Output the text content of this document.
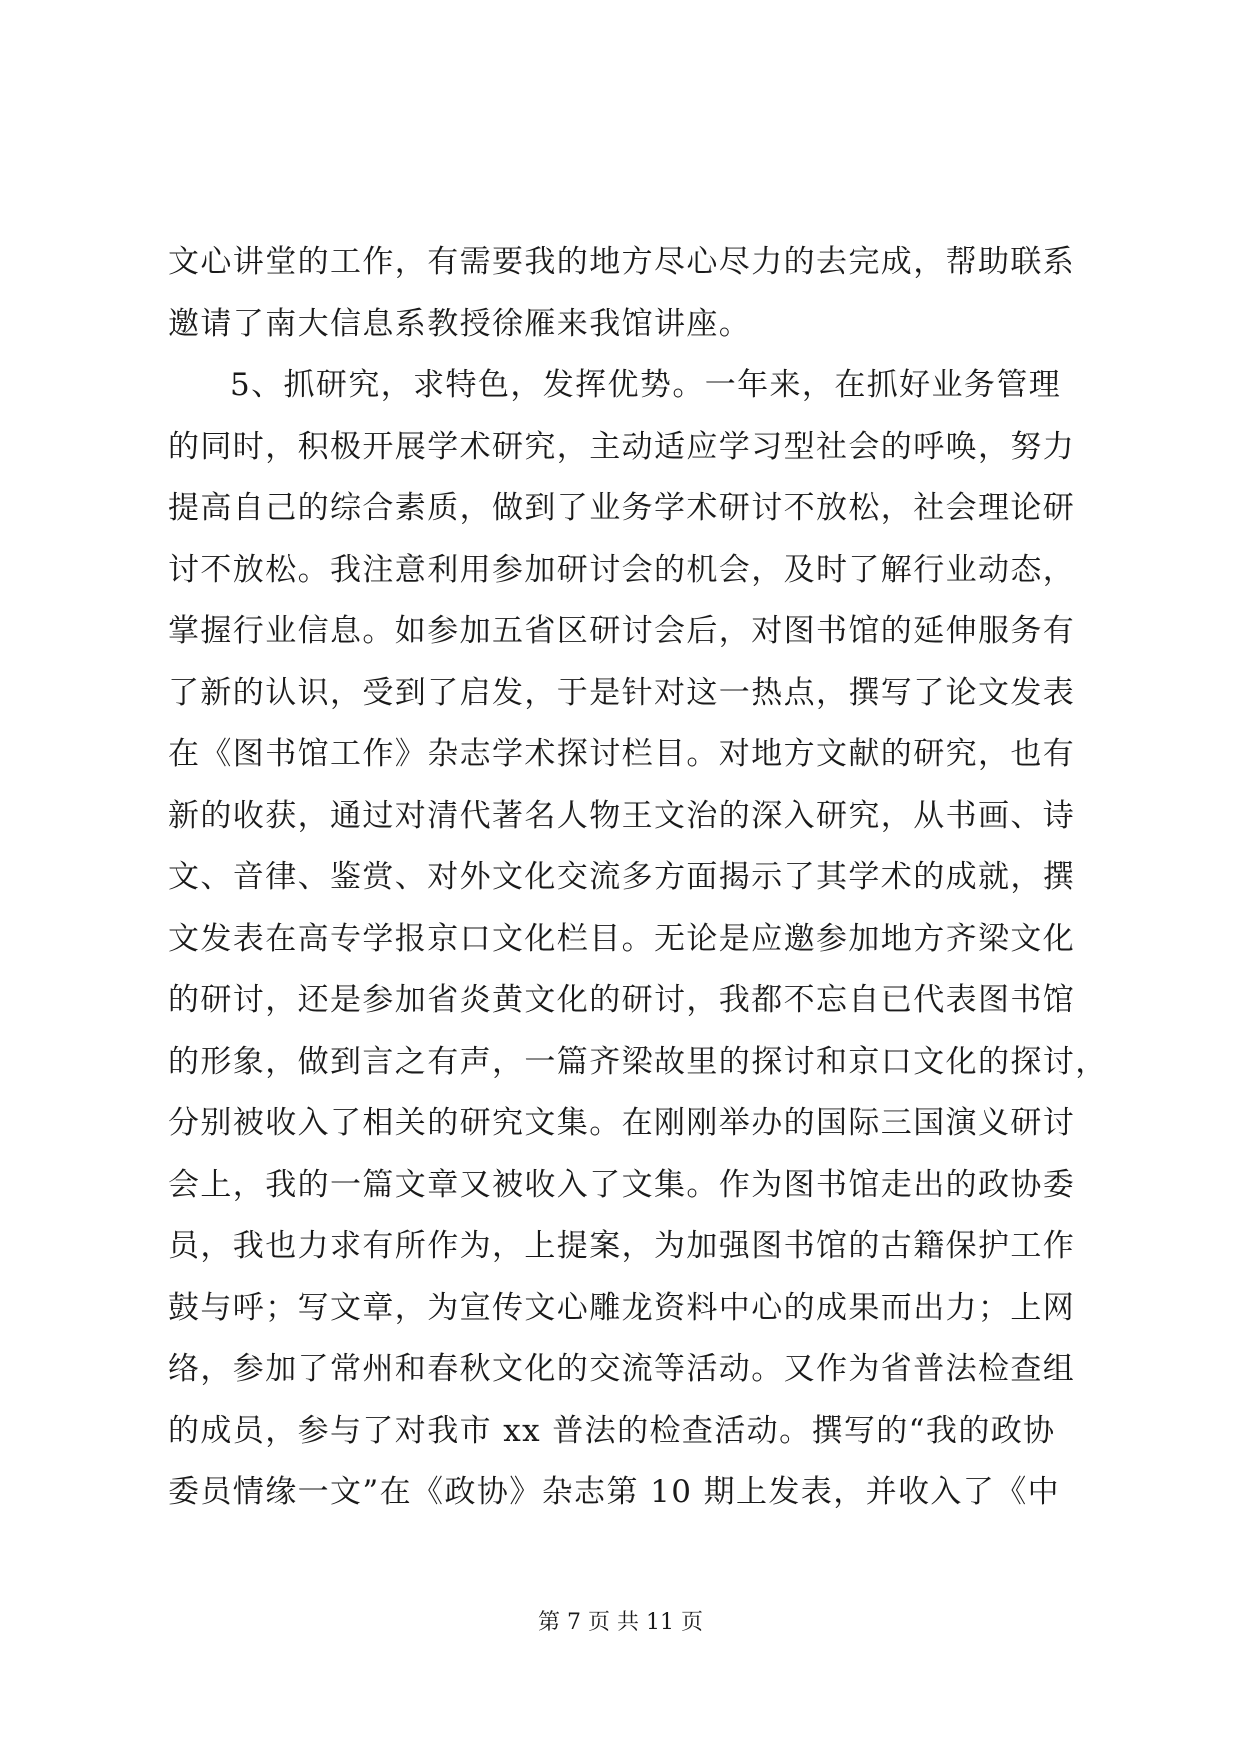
文心讲堂的工作，有需要我的地方尽心尽力的去完成，帮助联系
邀请了南大信息系教授徐雁来我馆讲座。
5、抓研究，求特色，发挥优势。一年来，在抓好业务管理
的同时，积极开展学术研究，主动适应学习型社会的呼唤，努力
提高自己的综合素质，做到了业务学术研讨不放松，社会理论研
讨不放松。我注意利用参加研讨会的机会，及时了解行业动态，
掌握行业信息。如参加五省区研讨会后，对图书馆的延伸服务有
了新的认识，受到了启发，于是针对这一热点，撰写了论文发表
在《图书馆工作》杂志学术探讨栏目。对地方文献的研究，也有
新的收获，通过对清代著名人物王文治的深入研究，从书画、诗
文、音律、鉴赏、对外文化交流多方面揭示了其学术的成就，撰
文发表在高专学报京口文化栏目。无论是应邀参加地方齐梁文化
的研讨，还是参加省炎黄文化的研讨，我都不忘自已代表图书馆
的形象，做到言之有声，一篇齐梁故里的探讨和京口文化的探讨，
分别被收入了相关的研究文集。在刚刚举办的国际三国演义研讨
会上，我的一篇文章又被收入了文集。作为图书馆走出的政协委
员，我也力求有所作为，上提案，为加强图书馆的古籍保护工作
鼓与呼；写文章，为宣传文心雕龙资料中心的成果而出力；上网
络，参加了常州和春秋文化的交流等活动。又作为省普法检查组
的成员，参与了对我市 xx 普法的检查活动。撰写的“我的政协
委员情缘一文”在《政协》杂志第 10 期上发表，并收入了《中
第 7 页 共 11 页
